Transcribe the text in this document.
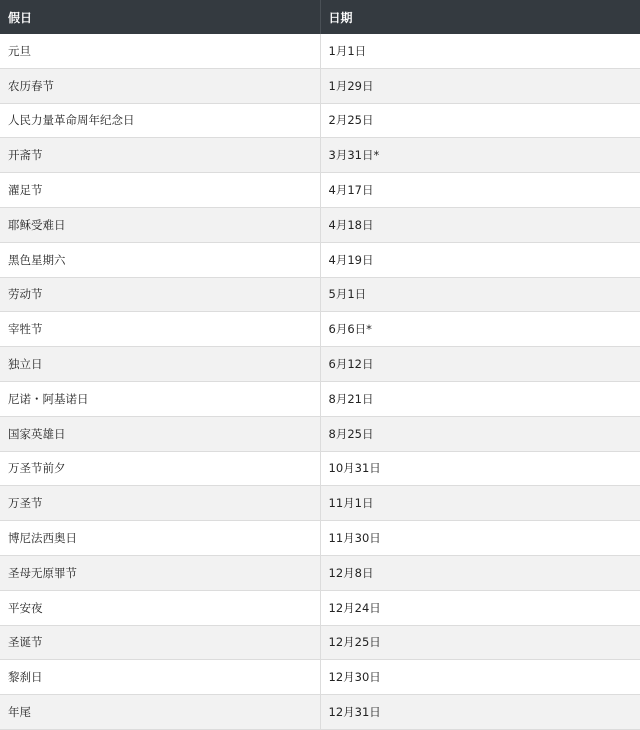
假日	日期
元旦	1月1日
农历春节	1月29日
人民力量革命周年纪念日	2月25日
开斋节	3月31日*
濯足节	4月17日
耶稣受难日	4月18日
黑色星期六	4月19日
劳动节	5月1日
宰牲节	6月6日*
独立日	6月12日
尼诺・阿基诺日	8月21日
国家英雄日	8月25日
万圣节前夕	10月31日
万圣节	11月1日
博尼法西奥日	11月30日
圣母无原罪节	12月8日
平安夜	12月24日
圣诞节	12月25日
黎刹日	12月30日
年尾	12月31日
